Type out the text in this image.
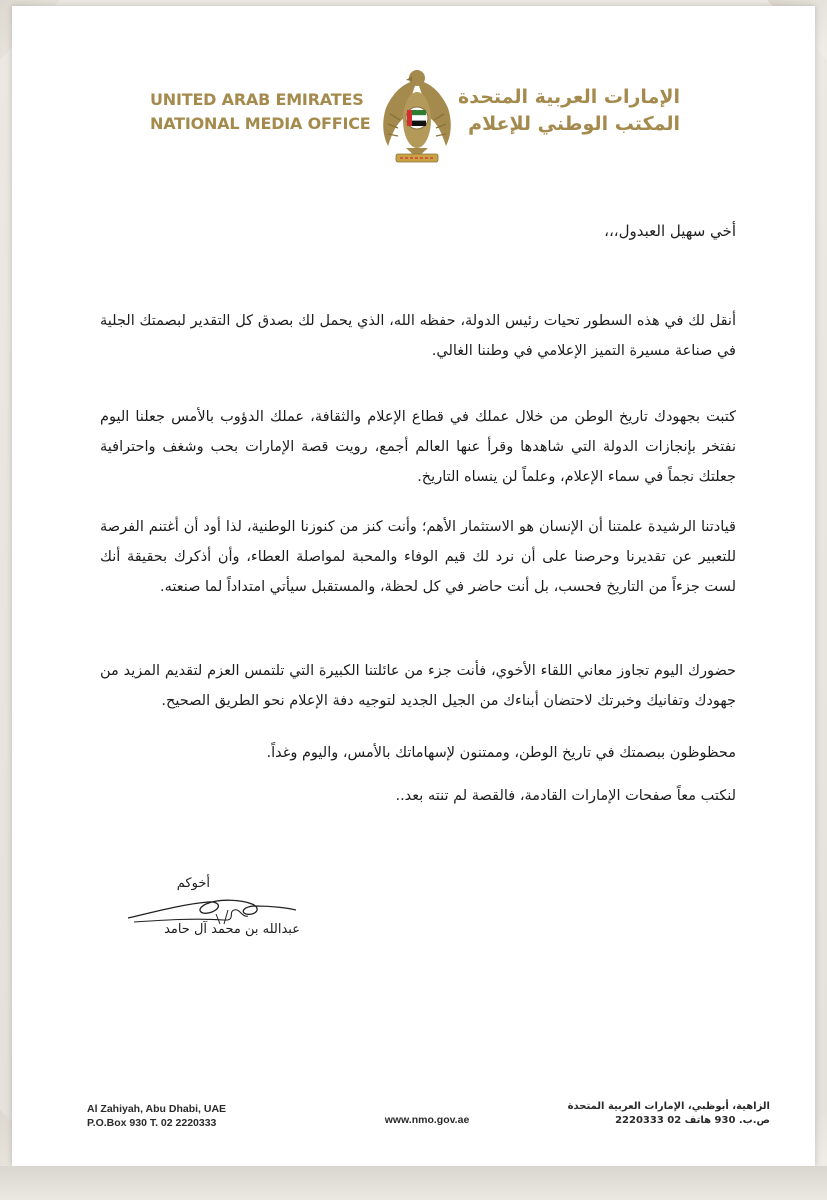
UNITED ARAB EMIRATES
NATIONAL MEDIA OFFICE
الإمارات العربية المتحدة
المكتب الوطني للإعلام

أخي سهيل العبدول،،،

أنقل لك في هذه السطور تحيات رئيس الدولة، حفظه الله، الذي يحمل لك بصدق كل التقدير لبصمتك الجلية في صناعة مسيرة التميز الإعلامي في وطننا الغالي.

كتبت بجهودك تاريخ الوطن من خلال عملك في قطاع الإعلام والثقافة، عملك الدؤوب بالأمس جعلنا اليوم نفتخر بإنجازات الدولة التي شاهدها وقرأ عنها العالم أجمع، رويت قصة الإمارات بحب وشغف واحترافية جعلتك نجماً في سماء الإعلام، وعلماً لن ينساه التاريخ.

قيادتنا الرشيدة علمتنا أن الإنسان هو الاستثمار الأهم؛ وأنت كنز من كنوزنا الوطنية، لذا أود أن أغتنم الفرصة للتعبير عن تقديرنا وحرصنا على أن نرد لك قيم الوفاء والمحبة لمواصلة العطاء، وأن أذكرك بحقيقة أنك لست جزءاً من التاريخ فحسب، بل أنت حاضر في كل لحظة، والمستقبل سيأتي امتداداً لما صنعته.

حضورك اليوم تجاوز معاني اللقاء الأخوي، فأنت جزء من عائلتنا الكبيرة التي تلتمس العزم لتقديم المزيد من جهودك وتفانيك وخبرتك لاحتضان أبناءك من الجيل الجديد لتوجيه دفة الإعلام نحو الطريق الصحيح.

محظوظون ببصمتك في تاريخ الوطن، وممتنون لإسهاماتك بالأمس، واليوم وغداً.

لنكتب معاً صفحات الإمارات القادمة، فالقصة لم تنته بعد..

أخوكم
عبدالله بن محمد آل حامد
Al Zahiyah, Abu Dhabi, UAE
P.O.Box 930 T. 02 2220333	www.nmo.gov.ae
الزاهية، أبوظبي، الإمارات العربية المتحدة
ص.ب. 930 هاتف 02 2220333
